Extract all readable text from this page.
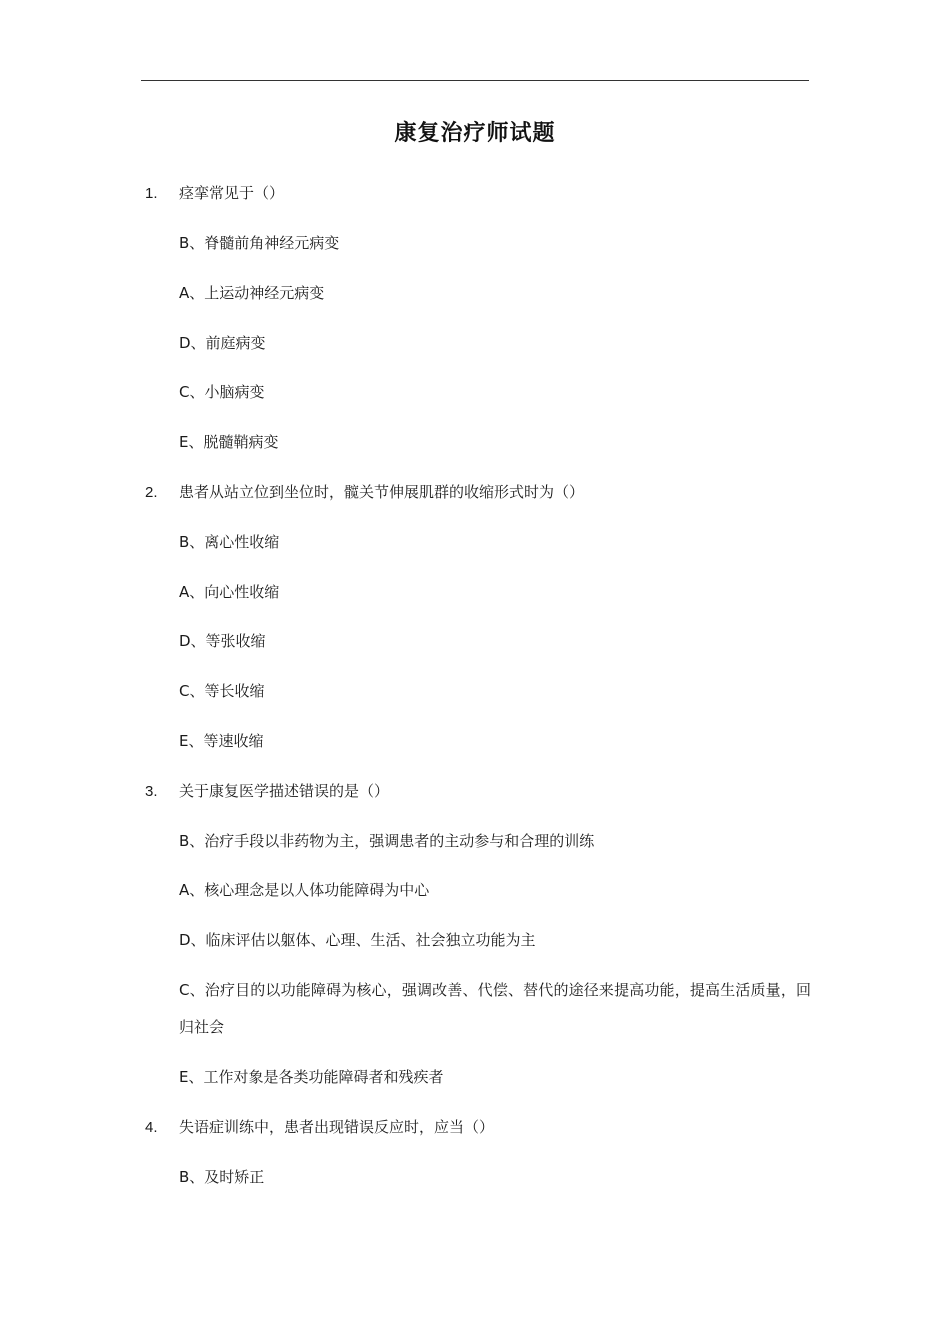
康复治疗师试题
1. 痉挛常见于（）
B、脊髓前角神经元病变
A、上运动神经元病变
D、前庭病变
C、小脑病变
E、脱髓鞘病变
2. 患者从站立位到坐位时，髋关节伸展肌群的收缩形式时为（）
B、离心性收缩
A、向心性收缩
D、等张收缩
C、等长收缩
E、等速收缩
3. 关于康复医学描述错误的是（）
B、治疗手段以非药物为主，强调患者的主动参与和合理的训练
A、核心理念是以人体功能障碍为中心
D、临床评估以躯体、心理、生活、社会独立功能为主
C、治疗目的以功能障碍为核心，强调改善、代偿、替代的途径来提高功能，提高生活质量，回归社会
E、工作对象是各类功能障碍者和残疾者
4. 失语症训练中，患者出现错误反应时，应当（）
B、及时矫正
